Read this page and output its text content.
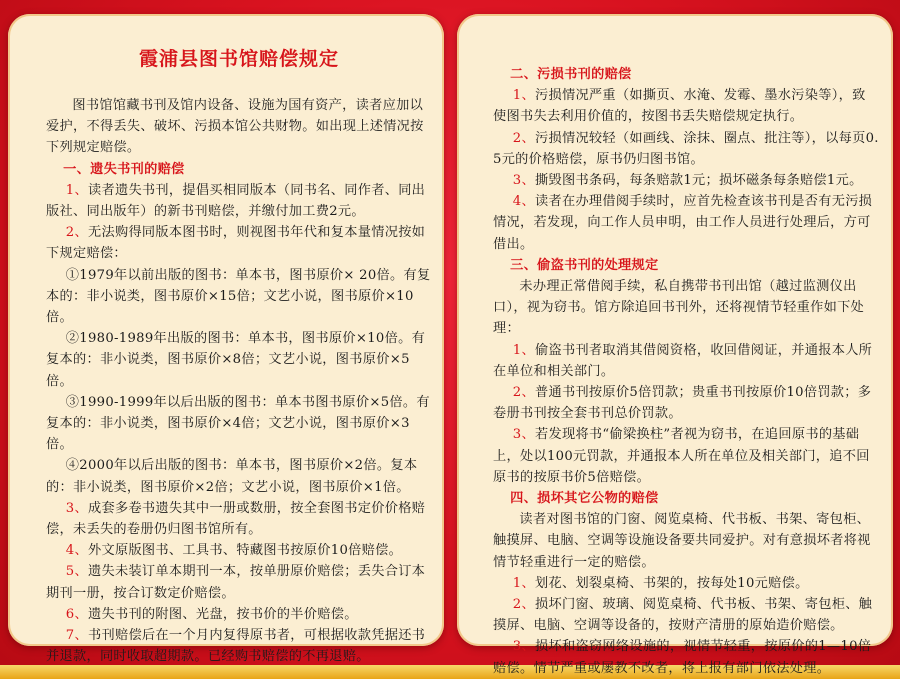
霞浦县图书馆赔偿规定

图书馆馆藏书刊及馆内设备、设施为国有资产，读者应加以爱护，不得丢失、破坏、污损本馆公共财物。如出现上述情况按下列规定赔偿。

一、遗失书刊的赔偿

1、读者遗失书刊，提倡买相同版本（同书名、同作者、同出版社、同出版年）的新书刊赔偿，并缴付加工费2元。

2、无法购得同版本图书时，则视图书年代和复本量情况按如下规定赔偿：

①1979年以前出版的图书：单本书，图书原价× 20倍。有复本的：非小说类，图书原价×15倍；文艺小说，图书原价×10倍。

②1980-1989年出版的图书：单本书，图书原价×10倍。有复本的：非小说类，图书原价×8倍；文艺小说，图书原价×5倍。

③1990-1999年以后出版的图书：单本书图书原价×5倍。有复本的：非小说类，图书原价×4倍；文艺小说，图书原价×3倍。

④2000年以后出版的图书：单本书，图书原价×2倍。复本的：非小说类，图书原价×2倍；文艺小说，图书原价×1倍。

3、成套多卷书遗失其中一册或数册，按全套图书定价价格赔偿，未丢失的卷册仍归图书馆所有。

4、外文原版图书、工具书、特藏图书按原价10倍赔偿。

5、遗失未装订单本期刊一本，按单册原价赔偿；丢失合订本期刊一册，按合订数定价赔偿。

6、遗失书刊的附图、光盘，按书价的半价赔偿。

7、书刊赔偿后在一个月内复得原书者，可根据收款凭据还书并退款，同时收取超期款。已经购书赔偿的不再退赔。

二、污损书刊的赔偿

1、污损情况严重（如撕页、水淹、发霉、墨水污染等），致使图书失去利用价值的，按图书丢失赔偿规定执行。

2、污损情况较轻（如画线、涂抹、圈点、批注等），以每页0.5元的价格赔偿，原书仍归图书馆。

3、撕毁图书条码，每条赔款1元；损坏磁条每条赔偿1元。

4、读者在办理借阅手续时，应首先检查该书刊是否有无污损情况，若发现，向工作人员申明，由工作人员进行处理后，方可借出。

三、偷盗书刊的处理规定

未办理正常借阅手续，私自携带书刊出馆（越过监测仪出口），视为窃书。馆方除追回书刊外，还将视情节轻重作如下处理：

1、偷盗书刊者取消其借阅资格，收回借阅证，并通报本人所在单位和相关部门。

2、普通书刊按原价5倍罚款；贵重书刊按原价10倍罚款；多卷册书刊按全套书刊总价罚款。

3、若发现将书“偷梁换柱”者视为窃书，在追回原书的基础上，处以100元罚款，并通报本人所在单位及相关部门，追不回原书的按原书价5倍赔偿。

四、损坏其它公物的赔偿

读者对图书馆的门窗、阅览桌椅、代书板、书架、寄包柜、触摸屏、电脑、空调等设施设备要共同爱护。对有意损坏者将视情节轻重进行一定的赔偿。

1、划花、划裂桌椅、书架的，按每处10元赔偿。

2、损坏门窗、玻璃、阅览桌椅、代书板、书架、寄包柜、触摸屏、电脑、空调等设备的，按财产清册的原始造价赔偿。

3、损坏和盗窃网络设施的，视情节轻重，按原价的1—10倍赔偿。情节严重或屡教不改者，将上报有部门依法处理。
